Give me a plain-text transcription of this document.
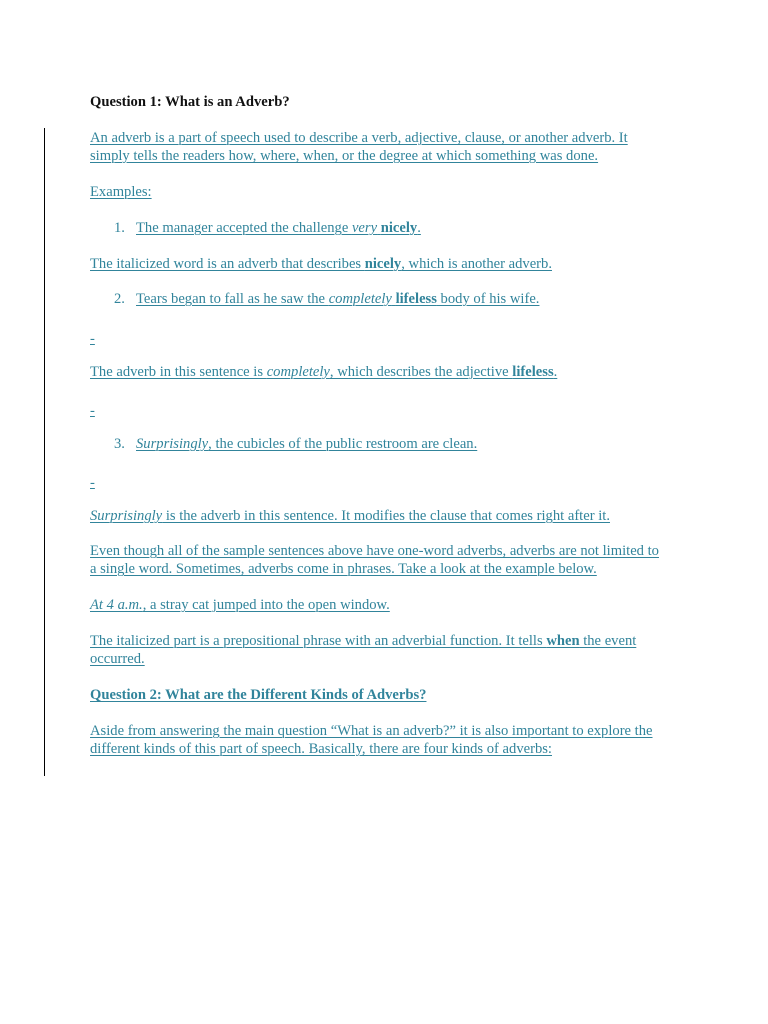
Question 1: What is an Adverb?
An adverb is a part of speech used to describe a verb, adjective, clause, or another adverb. It
simply tells the readers how, where, when, or the degree at which something was done.
Examples:
1. The manager accepted the challenge very nicely.
The italicized word is an adverb that describes nicely, which is another adverb.
2. Tears began to fall as he saw the completely lifeless body of his wife.
-
The adverb in this sentence is completely, which describes the adjective lifeless.
-
3. Surprisingly, the cubicles of the public restroom are clean.
-
Surprisingly is the adverb in this sentence. It modifies the clause that comes right after it.
Even though all of the sample sentences above have one-word adverbs, adverbs are not limited to
a single word. Sometimes, adverbs come in phrases. Take a look at the example below.
At 4 a.m., a stray cat jumped into the open window.
The italicized part is a prepositional phrase with an adverbial function. It tells when the event
occurred.
Question 2: What are the Different Kinds of Adverbs?
Aside from answering the main question “What is an adverb?” it is also important to explore the
different kinds of this part of speech. Basically, there are four kinds of adverbs:
